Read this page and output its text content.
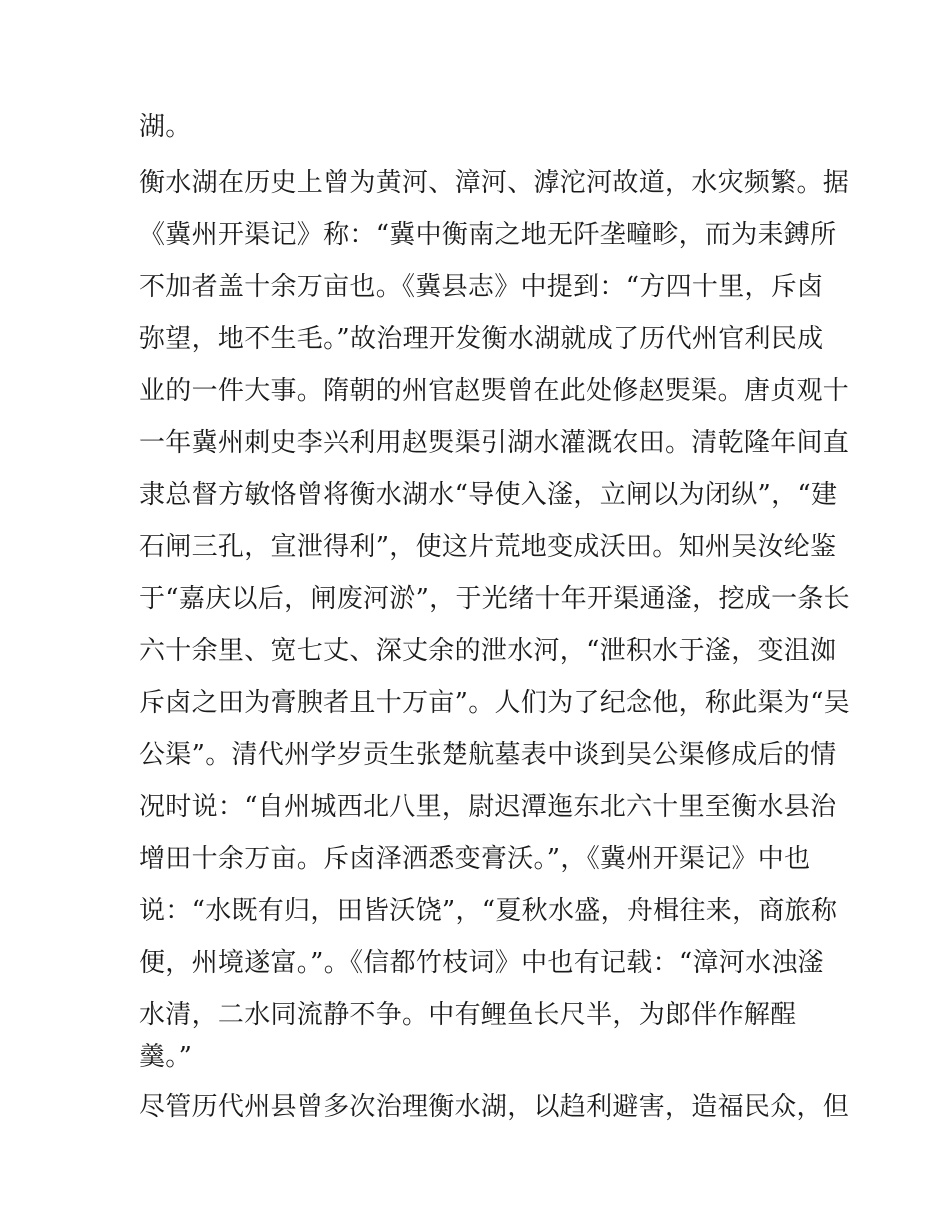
湖。
衡水湖在历史上曾为黄河、漳河、滹沱河故道，水灾频繁。据
《冀州开渠记》称：“冀中衡南之地无阡垄疃畛，而为耒鎛所
不加者盖十余万亩也。《冀县志》中提到：“方四十里，斥卤
弥望，地不生毛。”故治理开发衡水湖就成了历代州官利民成
业的一件大事。隋朝的州官赵煚曾在此处修赵煚渠。唐贞观十
一年冀州刺史李兴利用赵煚渠引湖水灌溉农田。清乾隆年间直
隶总督方敏恪曾将衡水湖水“导使入滏，立闸以为闭纵”，“建
石闸三孔，宣泄得利”，使这片荒地变成沃田。知州吴汝纶鉴
于“嘉庆以后，闸废河淤”，于光绪十年开渠通滏，挖成一条长
六十余里、宽七丈、深丈余的泄水河，“泄积水于滏，变沮洳
斥卤之田为膏腴者且十万亩”。人们为了纪念他，称此渠为“吴
公渠”。清代州学岁贡生张楚航墓表中谈到吴公渠修成后的情
况时说：“自州城西北八里，尉迟潭迤东北六十里至衡水县治
增田十余万亩。斥卤泽洒悉变膏沃。”，《冀州开渠记》中也
说：“水既有归，田皆沃饶”，“夏秋水盛，舟楫往来，商旅称
便，州境遂富。”。《信都竹枝词》中也有记载：“漳河水浊滏
水清，二水同流静不争。中有鲤鱼长尺半，为郎伴作解酲
羹。”
尽管历代州县曾多次治理衡水湖，以趋利避害，造福民众，但
